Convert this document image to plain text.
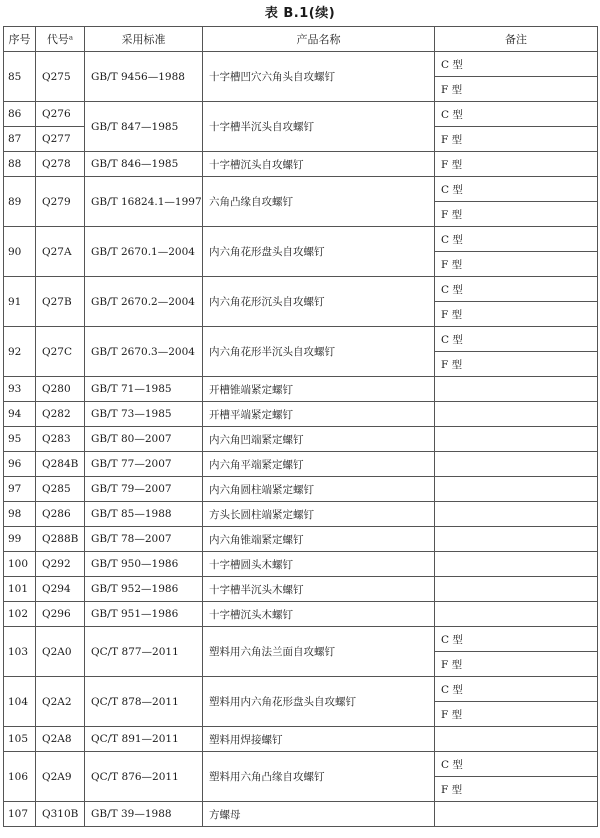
表 B.1(续)
序号	代号ᵃ	采用标准	产品名称	备注
85	Q275	GB/T 9456—1988	十字槽凹穴六角头自攻螺钉	C 型
				F 型
86	Q276	GB/T 847—1985	十字槽半沉头自攻螺钉	C 型
87	Q277			F 型
88	Q278	GB/T 846—1985	十字槽沉头自攻螺钉	F 型
89	Q279	GB/T 16824.1—1997	六角凸缘自攻螺钉	C 型
				F 型
90	Q27A	GB/T 2670.1—2004	内六角花形盘头自攻螺钉	C 型
				F 型
91	Q27B	GB/T 2670.2—2004	内六角花形沉头自攻螺钉	C 型
				F 型
92	Q27C	GB/T 2670.3—2004	内六角花形半沉头自攻螺钉	C 型
				F 型
93	Q280	GB/T 71—1985	开槽锥端紧定螺钉	
94	Q282	GB/T 73—1985	开槽平端紧定螺钉	
95	Q283	GB/T 80—2007	内六角凹端紧定螺钉	
96	Q284B	GB/T 77—2007	内六角平端紧定螺钉	
97	Q285	GB/T 79—2007	内六角圆柱端紧定螺钉	
98	Q286	GB/T 85—1988	方头长圆柱端紧定螺钉	
99	Q288B	GB/T 78—2007	内六角锥端紧定螺钉	
100	Q292	GB/T 950—1986	十字槽圆头木螺钉	
101	Q294	GB/T 952—1986	十字槽半沉头木螺钉	
102	Q296	GB/T 951—1986	十字槽沉头木螺钉	
103	Q2A0	QC/T 877—2011	塑料用六角法兰面自攻螺钉	C 型
				F 型
104	Q2A2	QC/T 878—2011	塑料用内六角花形盘头自攻螺钉	C 型
				F 型
105	Q2A8	QC/T 891—2011	塑料用焊接螺钉	
106	Q2A9	QC/T 876—2011	塑料用六角凸缘自攻螺钉	C 型
				F 型
107	Q310B	GB/T 39—1988	方螺母	
